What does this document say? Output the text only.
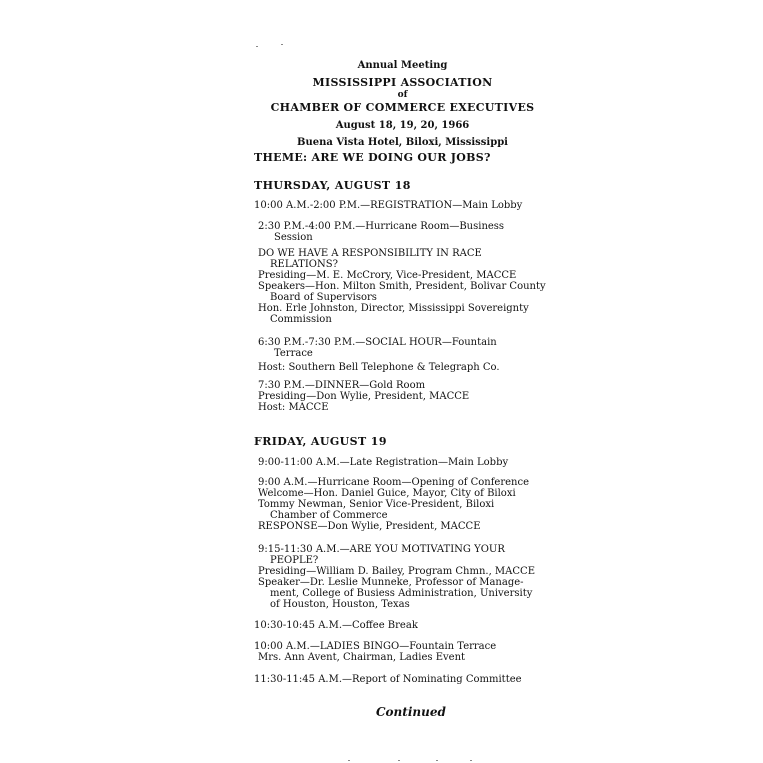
Annual Meeting
MISSISSIPPI ASSOCIATION
of
CHAMBER OF COMMERCE EXECUTIVES
August 18, 19, 20, 1966
Buena Vista Hotel, Biloxi, Mississippi
THEME: ARE WE DOING OUR JOBS?
THURSDAY, AUGUST 18
10:00 A.M.-2:00 P.M.—REGISTRATION—Main Lobby
2:30 P.M.-4:00 P.M.—Hurricane Room—Business
Session
DO WE HAVE A RESPONSIBILITY IN RACE
RELATIONS?
Presiding—M. E. McCrory, Vice-President, MACCE
Speakers—Hon. Milton Smith, President, Bolivar County
Board of Supervisors
Hon. Erle Johnston, Director, Mississippi Sovereignty
Commission
6:30 P.M.-7:30 P.M.—SOCIAL HOUR—Fountain
Terrace
Host: Southern Bell Telephone & Telegraph Co.
7:30 P.M.—DINNER—Gold Room
Presiding—Don Wylie, President, MACCE
Host: MACCE
FRIDAY, AUGUST 19
9:00-11:00 A.M.—Late Registration—Main Lobby
9:00 A.M.—Hurricane Room—Opening of Conference
Welcome—Hon. Daniel Guice, Mayor, City of Biloxi
Tommy Newman, Senior Vice-President, Biloxi
Chamber of Commerce
RESPONSE—Don Wylie, President, MACCE
9:15-11:30 A.M.—ARE YOU MOTIVATING YOUR
PEOPLE?
Presiding—William D. Bailey, Program Chmn., MACCE
Speaker—Dr. Leslie Munneke, Professor of Manage-
ment, College of Busiess Administration, University
of Houston, Houston, Texas
10:30-10:45 A.M.—Coffee Break
10:00 A.M.—LADIES BINGO—Fountain Terrace
Mrs. Ann Avent, Chairman, Ladies Event
11:30-11:45 A.M.—Report of Nominating Committee
Continued
